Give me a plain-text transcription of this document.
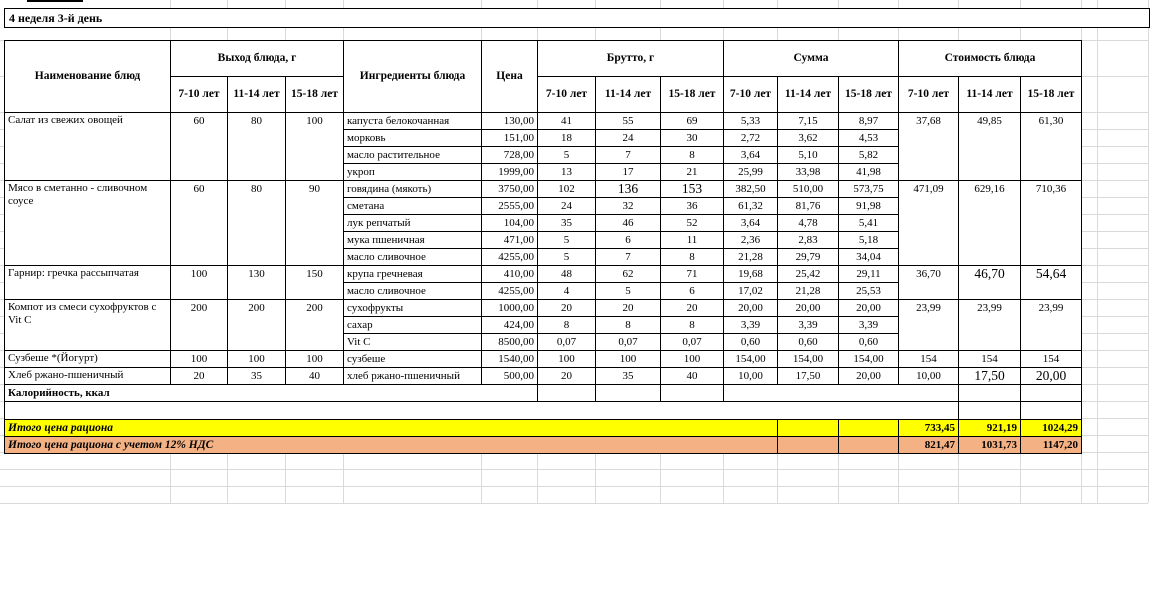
4 неделя 3-й день
Наименование блюд	Выход блюда, г			Ингредиенты блюда	Цена	Брутто, г			Сумма			Стоимость блюда		
	7-10 лет	11-14 лет	15-18 лет			7-10 лет	11-14 лет	15-18 лет	7-10 лет	11-14 лет	15-18 лет	7-10 лет	11-14 лет	15-18 лет
Салат из свежих овощей	60	80	100	капуста белокочанная	130,00	41	55	69	5,33	7,15	8,97	37,68	49,85	61,30
				морковь	151,00	18	24	30	2,72	3,62	4,53			
				масло растительное	728,00	5	7	8	3,64	5,10	5,82			
				укроп	1999,00	13	17	21	25,99	33,98	41,98			
Мясо в сметанно - сливочном соусе	60	80	90	говядина (мякоть)	3750,00	102	136	153	382,50	510,00	573,75	471,09	629,16	710,36
				сметана	2555,00	24	32	36	61,32	81,76	91,98			
				лук репчатый	104,00	35	46	52	3,64	4,78	5,41			
				мука пшеничная	471,00	5	6	11	2,36	2,83	5,18			
				масло сливочное	4255,00	5	7	8	21,28	29,79	34,04			
Гарнир: гречка рассыпчатая	100	130	150	крупа гречневая	410,00	48	62	71	19,68	25,42	29,11	36,70	46,70	54,64
				масло сливочное	4255,00	4	5	6	17,02	21,28	25,53			
Компот из смеси сухофруктов с Vit C	200	200	200	сухофрукты	1000,00	20	20	20	20,00	20,00	20,00	23,99	23,99	23,99
				сахар	424,00	8	8	8	3,39	3,39	3,39			
				Vit C	8500,00	0,07	0,07	0,07	0,60	0,60	0,60			
Сузбеше *(Йогурт)	100	100	100	сузбеше	1540,00	100	100	100	154,00	154,00	154,00	154	154	154
Хлеб ржано-пшеничный	20	35	40	хлеб ржано-пшеничный	500,00	20	35	40	10,00	17,50	20,00	10,00	17,50	20,00
Калорийность, ккал														

Итого цена рациона												733,45	921,19	1024,29
Итого цена рациона с учетом 12% НДС												821,47	1031,73	1147,20
